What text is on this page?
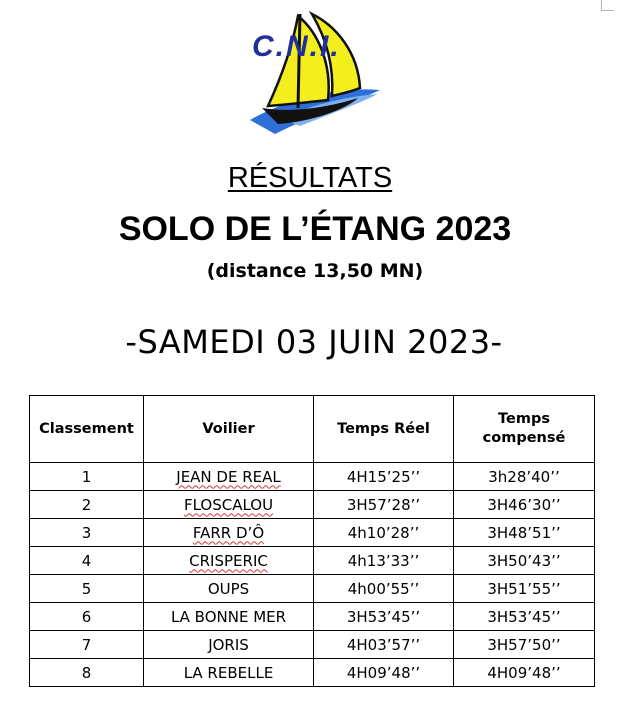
C.N.I.
RÉSULTATS
SOLO DE L’ÉTANG 2023
(distance 13,50 MN)
-SAMEDI 03 JUIN 2023-
Classement	Voilier	Temps Réel	Temps
compensé
1	JEAN DE REAL	4H15’25’’	3h28’40’’
2	FLOSCALOU	3H57’28’’	3H46’30’’
3	FARR D’Ô	4h10’28’’	3H48’51’’
4	CRISPERIC	4h13’33’’	3H50’43’’
5	OUPS	4h00’55’’	3H51’55’’
6	LA BONNE MER	3H53’45’’	3H53’45’’
7	JORIS	4H03’57’’	3H57’50’’
8	LA REBELLE	4H09’48’’	4H09’48’’
